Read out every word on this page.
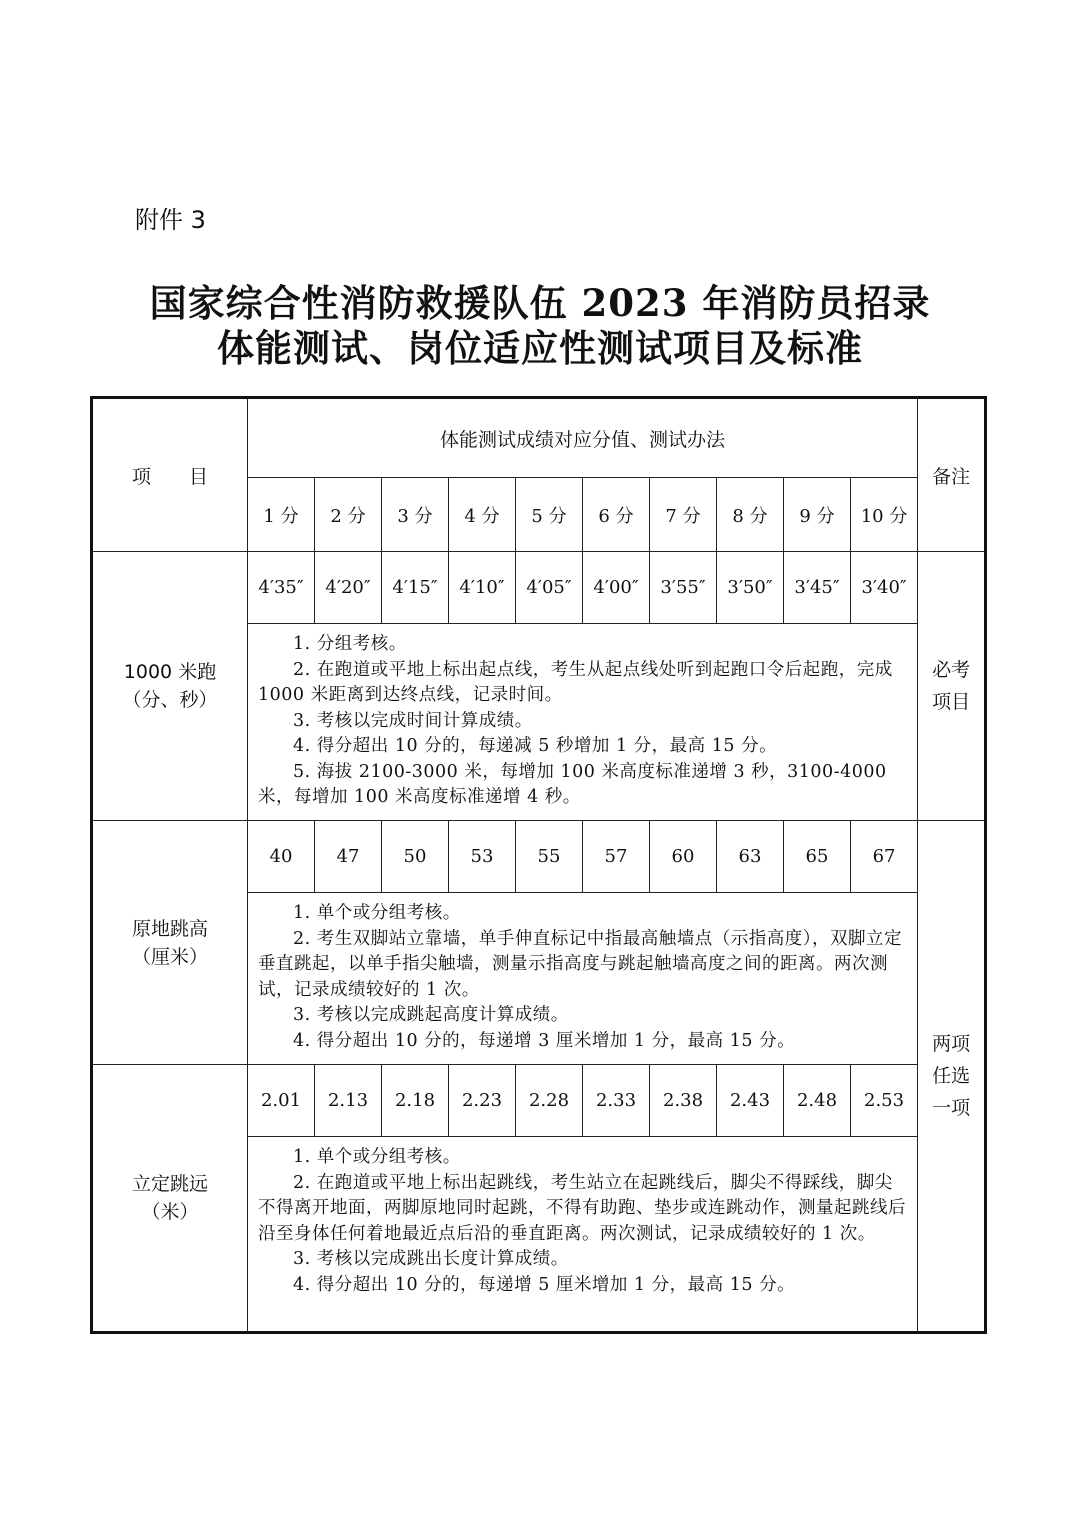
附件 3
国家综合性消防救援队伍 2023 年消防员招录
体能测试、岗位适应性测试项目及标准
项　　目	体能测试成绩对应分值、测试办法										备注
	1 分	2 分	3 分	4 分	5 分	6 分	7 分	8 分	9 分	10 分	

1000 米跑
（分、秒）	4′35″	4′20″	4′15″	4′10″	4′05″	4′00″	3′55″	3′50″	3′45″	3′40″	必考
项目

	1. 分组考核。

2. 在跑道或平地上标出起点线，考生从起点线处听到起跑口令后起跑，完成 1000 米距离到达终点线，记录时间。

3. 考核以完成时间计算成绩。

4. 得分超出 10 分的，每递减 5 秒增加 1 分，最高 15 分。

5. 海拔 2100-3000 米，每增加 100 米高度标准递增 3 秒，3100-4000 米，每增加 100 米高度标准递增 4 秒。										

原地跳高
（厘米）	40	47	50	53	55	57	60	63	65	67	两项
任选
一项

	1. 单个或分组考核。

2. 考生双脚站立靠墙，单手伸直标记中指最高触墙点（示指高度），双脚立定垂直跳起，以单手指尖触墙，测量示指高度与跳起触墙高度之间的距离。两次测试，记录成绩较好的 1 次。

3. 考核以完成跳起高度计算成绩。

4. 得分超出 10 分的，每递增 3 厘米增加 1 分，最高 15 分。										

立定跳远
（米）	2.01	2.13	2.18	2.23	2.28	2.33	2.38	2.43	2.48	2.53	

	1. 单个或分组考核。

2. 在跑道或平地上标出起跳线，考生站立在起跳线后，脚尖不得踩线，脚尖不得离开地面，两脚原地同时起跳，不得有助跑、垫步或连跳动作，测量起跳线后沿至身体任何着地最近点后沿的垂直距离。两次测试，记录成绩较好的 1 次。

3. 考核以完成跳出长度计算成绩。

4. 得分超出 10 分的，每递增 5 厘米增加 1 分，最高 15 分。										
